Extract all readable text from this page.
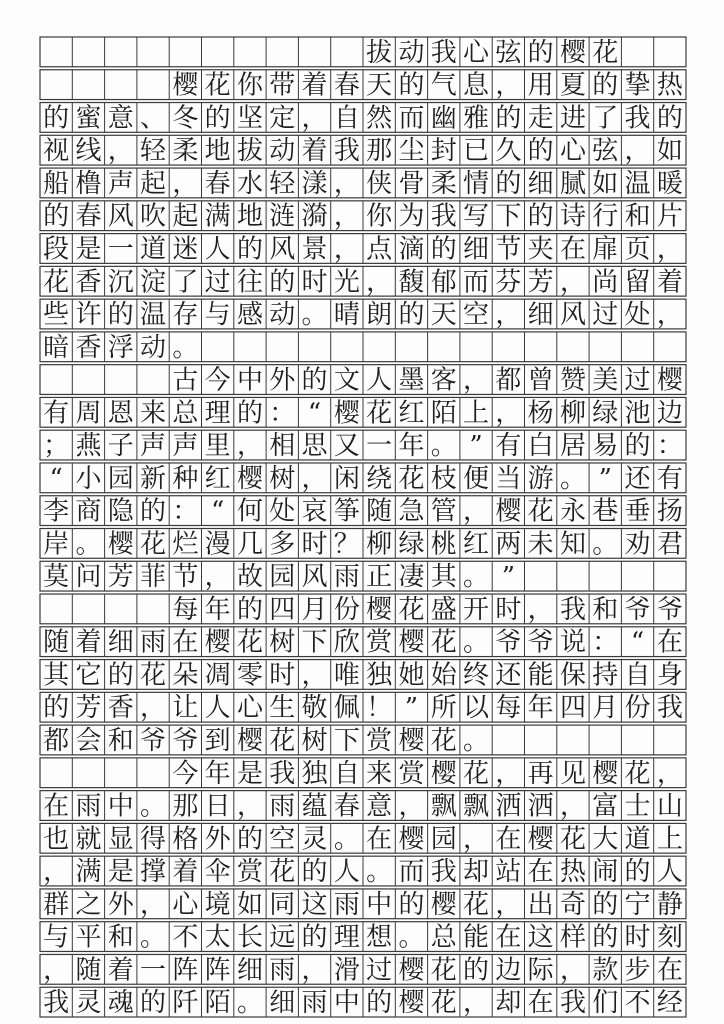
拔 动 我 心 弦 的 樱 花
樱 花 你 带 着 春 天 的 气 息 ， 用 夏 的 挚 热
的 蜜 意 、 冬 的 坚 定 ， 自 然 而 幽 雅 的 走 进 了 我 的
视 线 ， 轻 柔 地 拔 动 着 我 那 尘 封 已 久 的 心 弦 ， 如
船 橹 声 起 ， 春 水 轻 漾 ， 侠 骨 柔 情 的 细 腻 如 温 暖
的 春 风 吹 起 满 地 涟 漪 ， 你 为 我 写 下 的 诗 行 和 片
段 是 一 道 迷 人 的 风 景 ， 点 滴 的 细 节 夹 在 扉 页 ，
花 香 沉 淀 了 过 往 的 时 光 ， 馥 郁 而 芬 芳 ， 尚 留 着
些 许 的 温 存 与 感 动 。 晴 朗 的 天 空 ， 细 风 过 处 ，
暗 香 浮 动 。
古 今 中 外 的 文 人 墨 客 ， 都 曾 赞 美 过 樱
有 周 恩 来 总 理 的 ： “ 樱 花 红 陌 上 ， 杨 柳 绿 池 边
； 燕 子 声 声 里 ， 相 思 又 一 年 。 ” 有 白 居 易 的 ：
“ 小 园 新 种 红 樱 树 ， 闲 绕 花 枝 便 当 游 。 ” 还 有
李 商 隐 的 ： “ 何 处 哀 筝 随 急 管 ， 樱 花 永 巷 垂 扬
岸 。 樱 花 烂 漫 几 多 时 ？ 柳 绿 桃 红 两 未 知 。 劝 君
莫 问 芳 菲 节 ， 故 园 风 雨 正 凄 其 。 ”
每 年 的 四 月 份 樱 花 盛 开 时 ， 我 和 爷 爷
随 着 细 雨 在 樱 花 树 下 欣 赏 樱 花 。 爷 爷 说 ： “ 在
其 它 的 花 朵 凋 零 时 ， 唯 独 她 始 终 还 能 保 持 自 身
的 芳 香 ， 让 人 心 生 敬 佩 ！ ” 所 以 每 年 四 月 份 我
都 会 和 爷 爷 到 樱 花 树 下 赏 樱 花 。
今 年 是 我 独 自 来 赏 樱 花 ， 再 见 樱 花 ，
在 雨 中 。 那 日 ， 雨 蕴 春 意 ， 飘 飘 洒 洒 ， 富 士 山
也 就 显 得 格 外 的 空 灵 。 在 樱 园 ， 在 樱 花 大 道 上
， 满 是 撑 着 伞 赏 花 的 人 。 而 我 却 站 在 热 闹 的 人
群 之 外 ， 心 境 如 同 这 雨 中 的 樱 花 ， 出 奇 的 宁 静
与 平 和 。 不 太 长 远 的 理 想 。 总 能 在 这 样 的 时 刻
， 随 着 一 阵 阵 细 雨 ， 滑 过 樱 花 的 边 际 ， 款 步 在
我 灵 魂 的 阡 陌 。 细 雨 中 的 樱 花 ， 却 在 我 们 不 经
